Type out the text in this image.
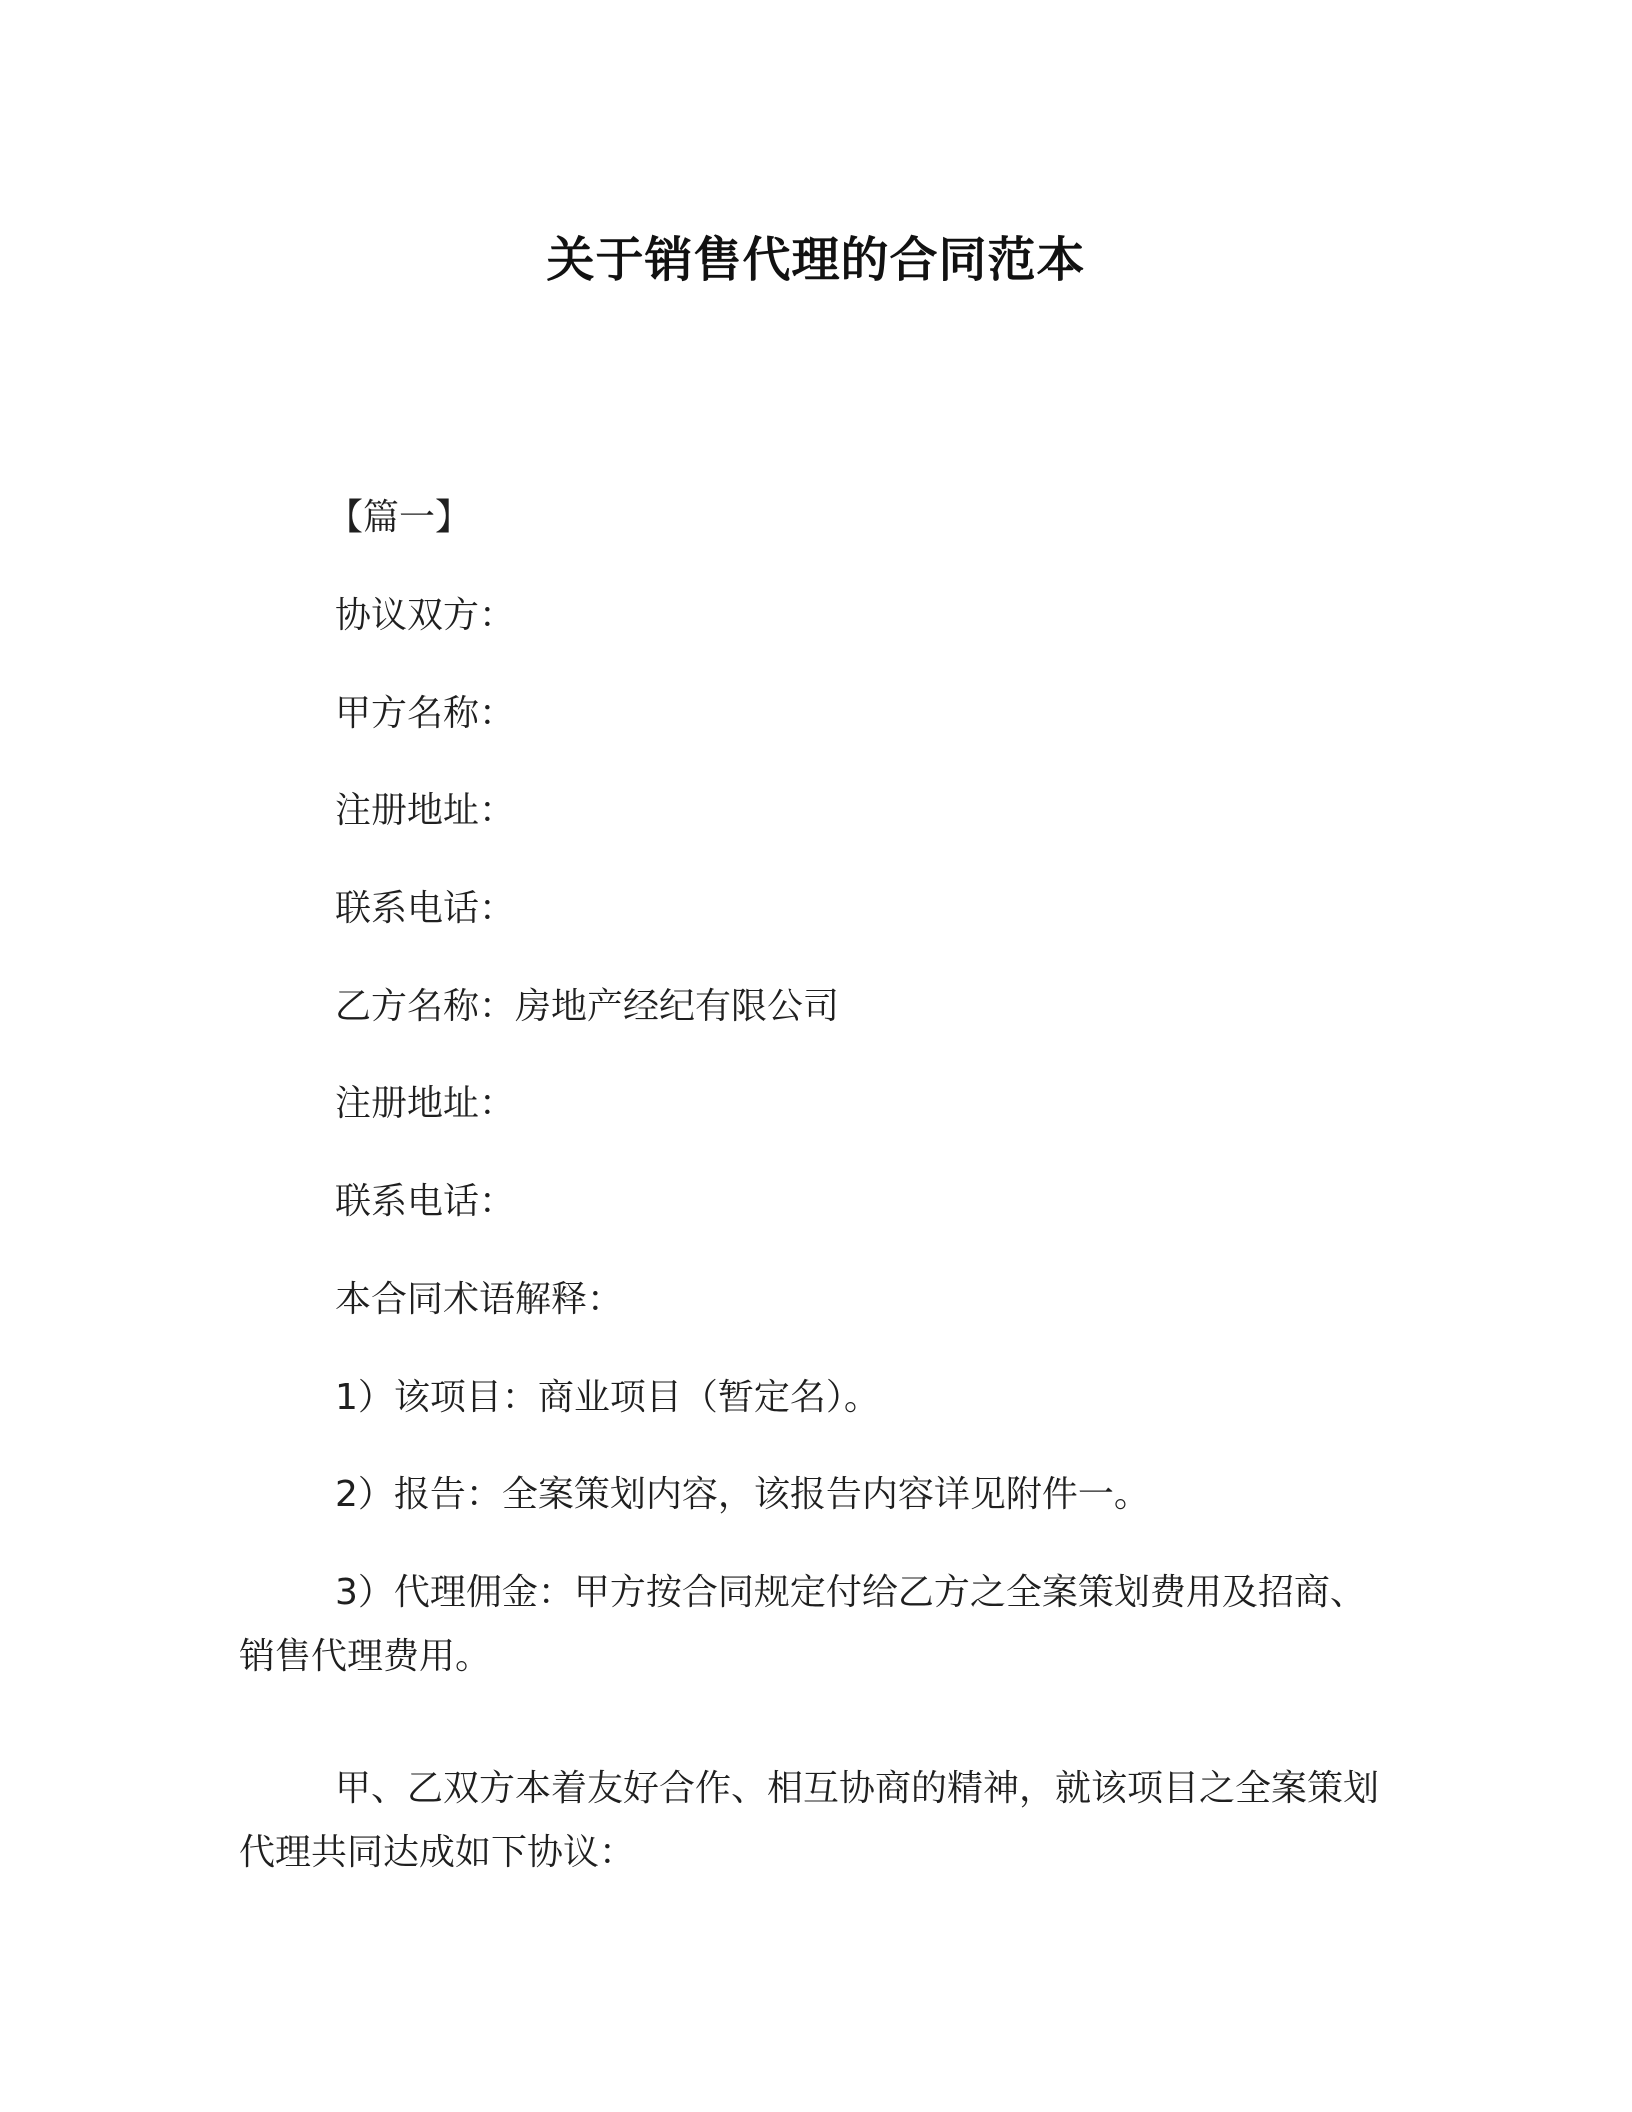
关于销售代理的合同范本

【篇一】

协议双方：

甲方名称：

注册地址：

联系电话：

乙方名称：房地产经纪有限公司

注册地址：

联系电话：

本合同术语解释：

1）该项目：商业项目（暂定名）。

2）报告：全案策划内容，该报告内容详见附件一。

3）代理佣金：甲方按合同规定付给乙方之全案策划费用及招商、销售代理费用。

甲、乙双方本着友好合作、相互协商的精神，就该项目之全案策划代理共同达成如下协议：
